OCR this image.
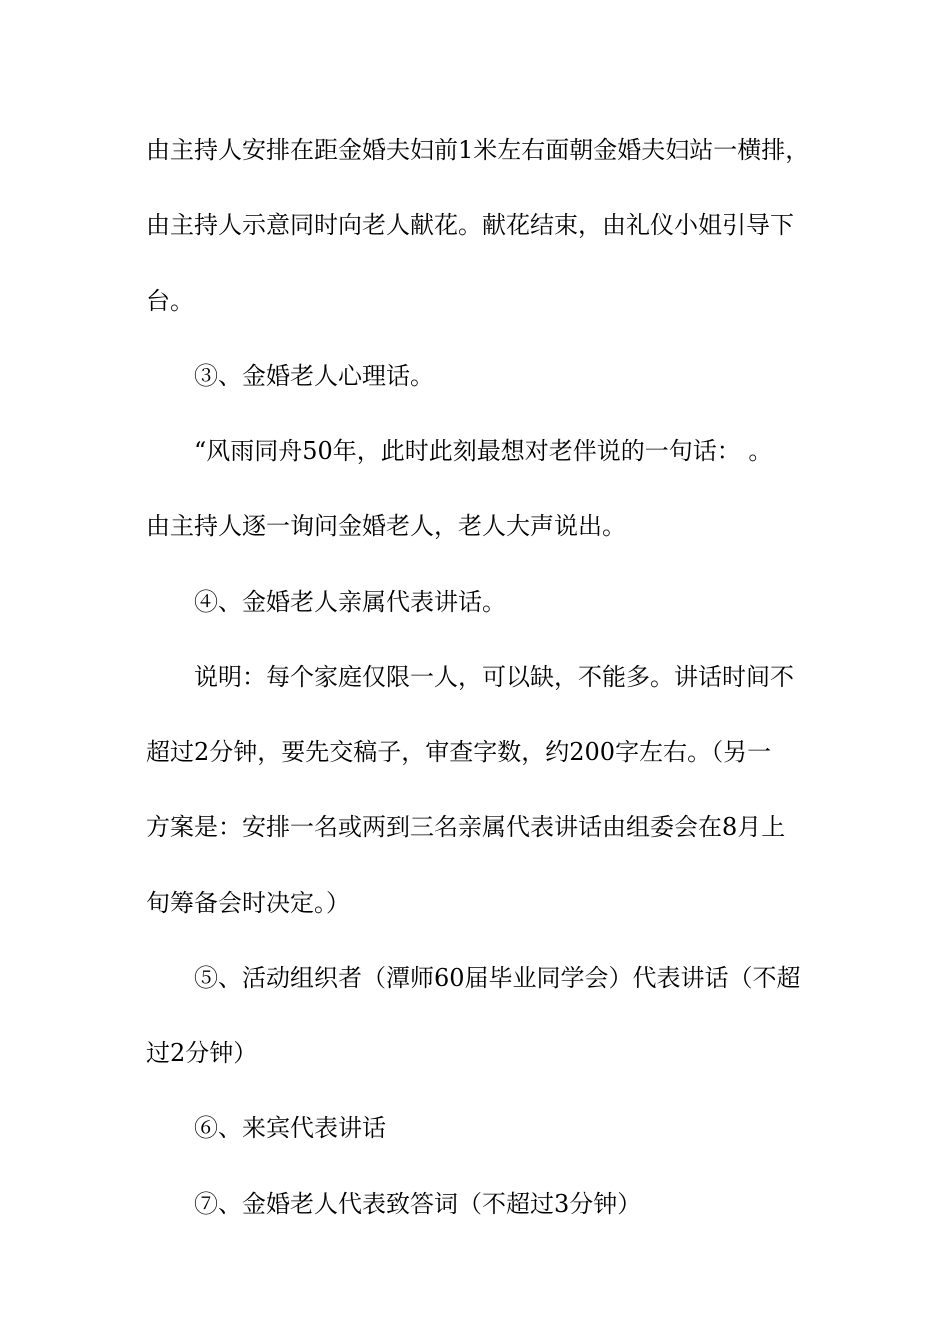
由主持人安排在距金婚夫妇前1米左右面朝金婚夫妇站一横排，
由主持人示意同时向老人献花。献花结束，由礼仪小姐引导下
台。
③、金婚老人心理话。
“风雨同舟50年，此时此刻最想对老伴说的一句话： 。
由主持人逐一询问金婚老人，老人大声说出。
④、金婚老人亲属代表讲话。
说明：每个家庭仅限一人，可以缺，不能多。讲话时间不
超过2分钟，要先交稿子，审查字数，约200字左右。（另一
方案是：安排一名或两到三名亲属代表讲话由组委会在8月上
旬筹备会时决定。）
⑤、活动组织者（潭师60届毕业同学会）代表讲话（不超
过2分钟）
⑥、来宾代表讲话
⑦、金婚老人代表致答词（不超过3分钟）
